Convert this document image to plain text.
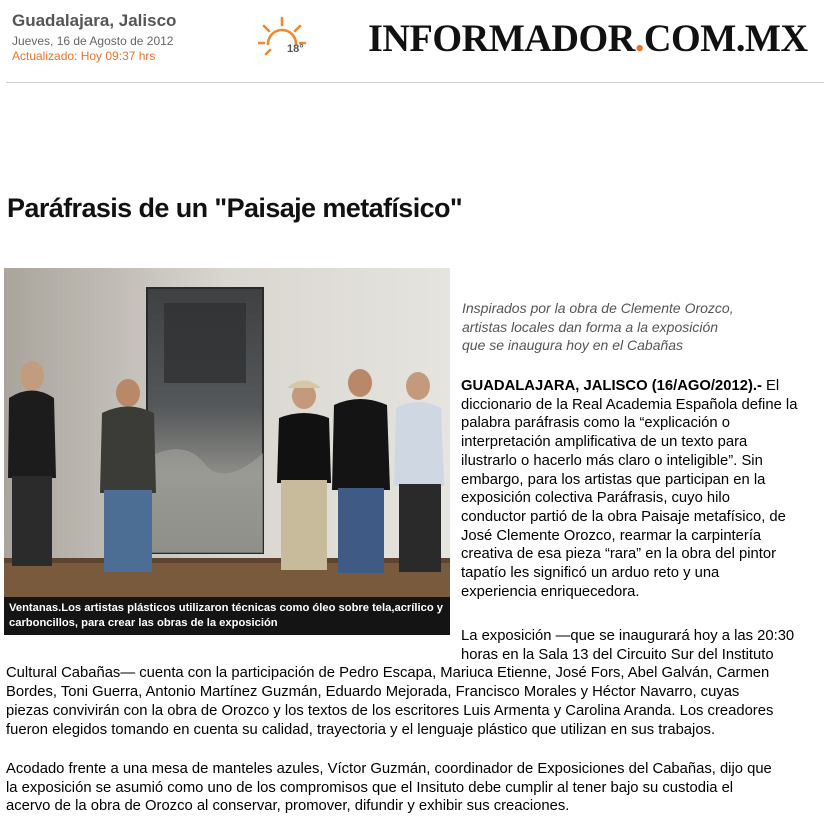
Guadalajara, Jalisco
Jueves, 16 de Agosto de 2012
Actualizado: Hoy 09:37 hrs	18° INFORMADOR.COM.MX
Paráfrasis de un "Paisaje metafísico"
Ventanas.Los artistas plásticos utilizaron técnicas como óleo sobre tela,acrílico y
carboncillos, para crear las obras de la exposición
Inspirados por la obra de Clemente Orozco,
artistas locales dan forma a la exposición
que se inaugura hoy en el Cabañas
GUADALAJARA, JALISCO (16/AGO/2012).- El
diccionario de la Real Academia Española define la
palabra paráfrasis como la “explicación o
interpretación amplificativa de un texto para
ilustrarlo o hacerlo más claro o inteligible”. Sin
embargo, para los artistas que participan en la
exposición colectiva Paráfrasis, cuyo hilo
conductor partió de la obra Paisaje metafísico, de
José Clemente Orozco, rearmar la carpintería
creativa de esa pieza “rara” en la obra del pintor
tapatío les significó un arduo reto y una
experiencia enriquecedora.
La exposición —que se inaugurará hoy a las 20:30
horas en la Sala 13 del Circuito Sur del Instituto
Cultural Cabañas— cuenta con la participación de Pedro Escapa, Mariuca Etienne, José Fors, Abel Galván, Carmen
Bordes, Toni Guerra, Antonio Martínez Guzmán, Eduardo Mejorada, Francisco Morales y Héctor Navarro, cuyas
piezas convivirán con la obra de Orozco y los textos de los escritores Luis Armenta y Carolina Aranda. Los creadores
fueron elegidos tomando en cuenta su calidad, trayectoria y el lenguaje plástico que utilizan en sus trabajos.
Acodado frente a una mesa de manteles azules, Víctor Guzmán, coordinador de Exposiciones del Cabañas, dijo que
la exposición se asumió como uno de los compromisos que el Insituto debe cumplir al tener bajo su custodia el
acervo de la obra de Orozco al conservar, promover, difundir y exhibir sus creaciones.
